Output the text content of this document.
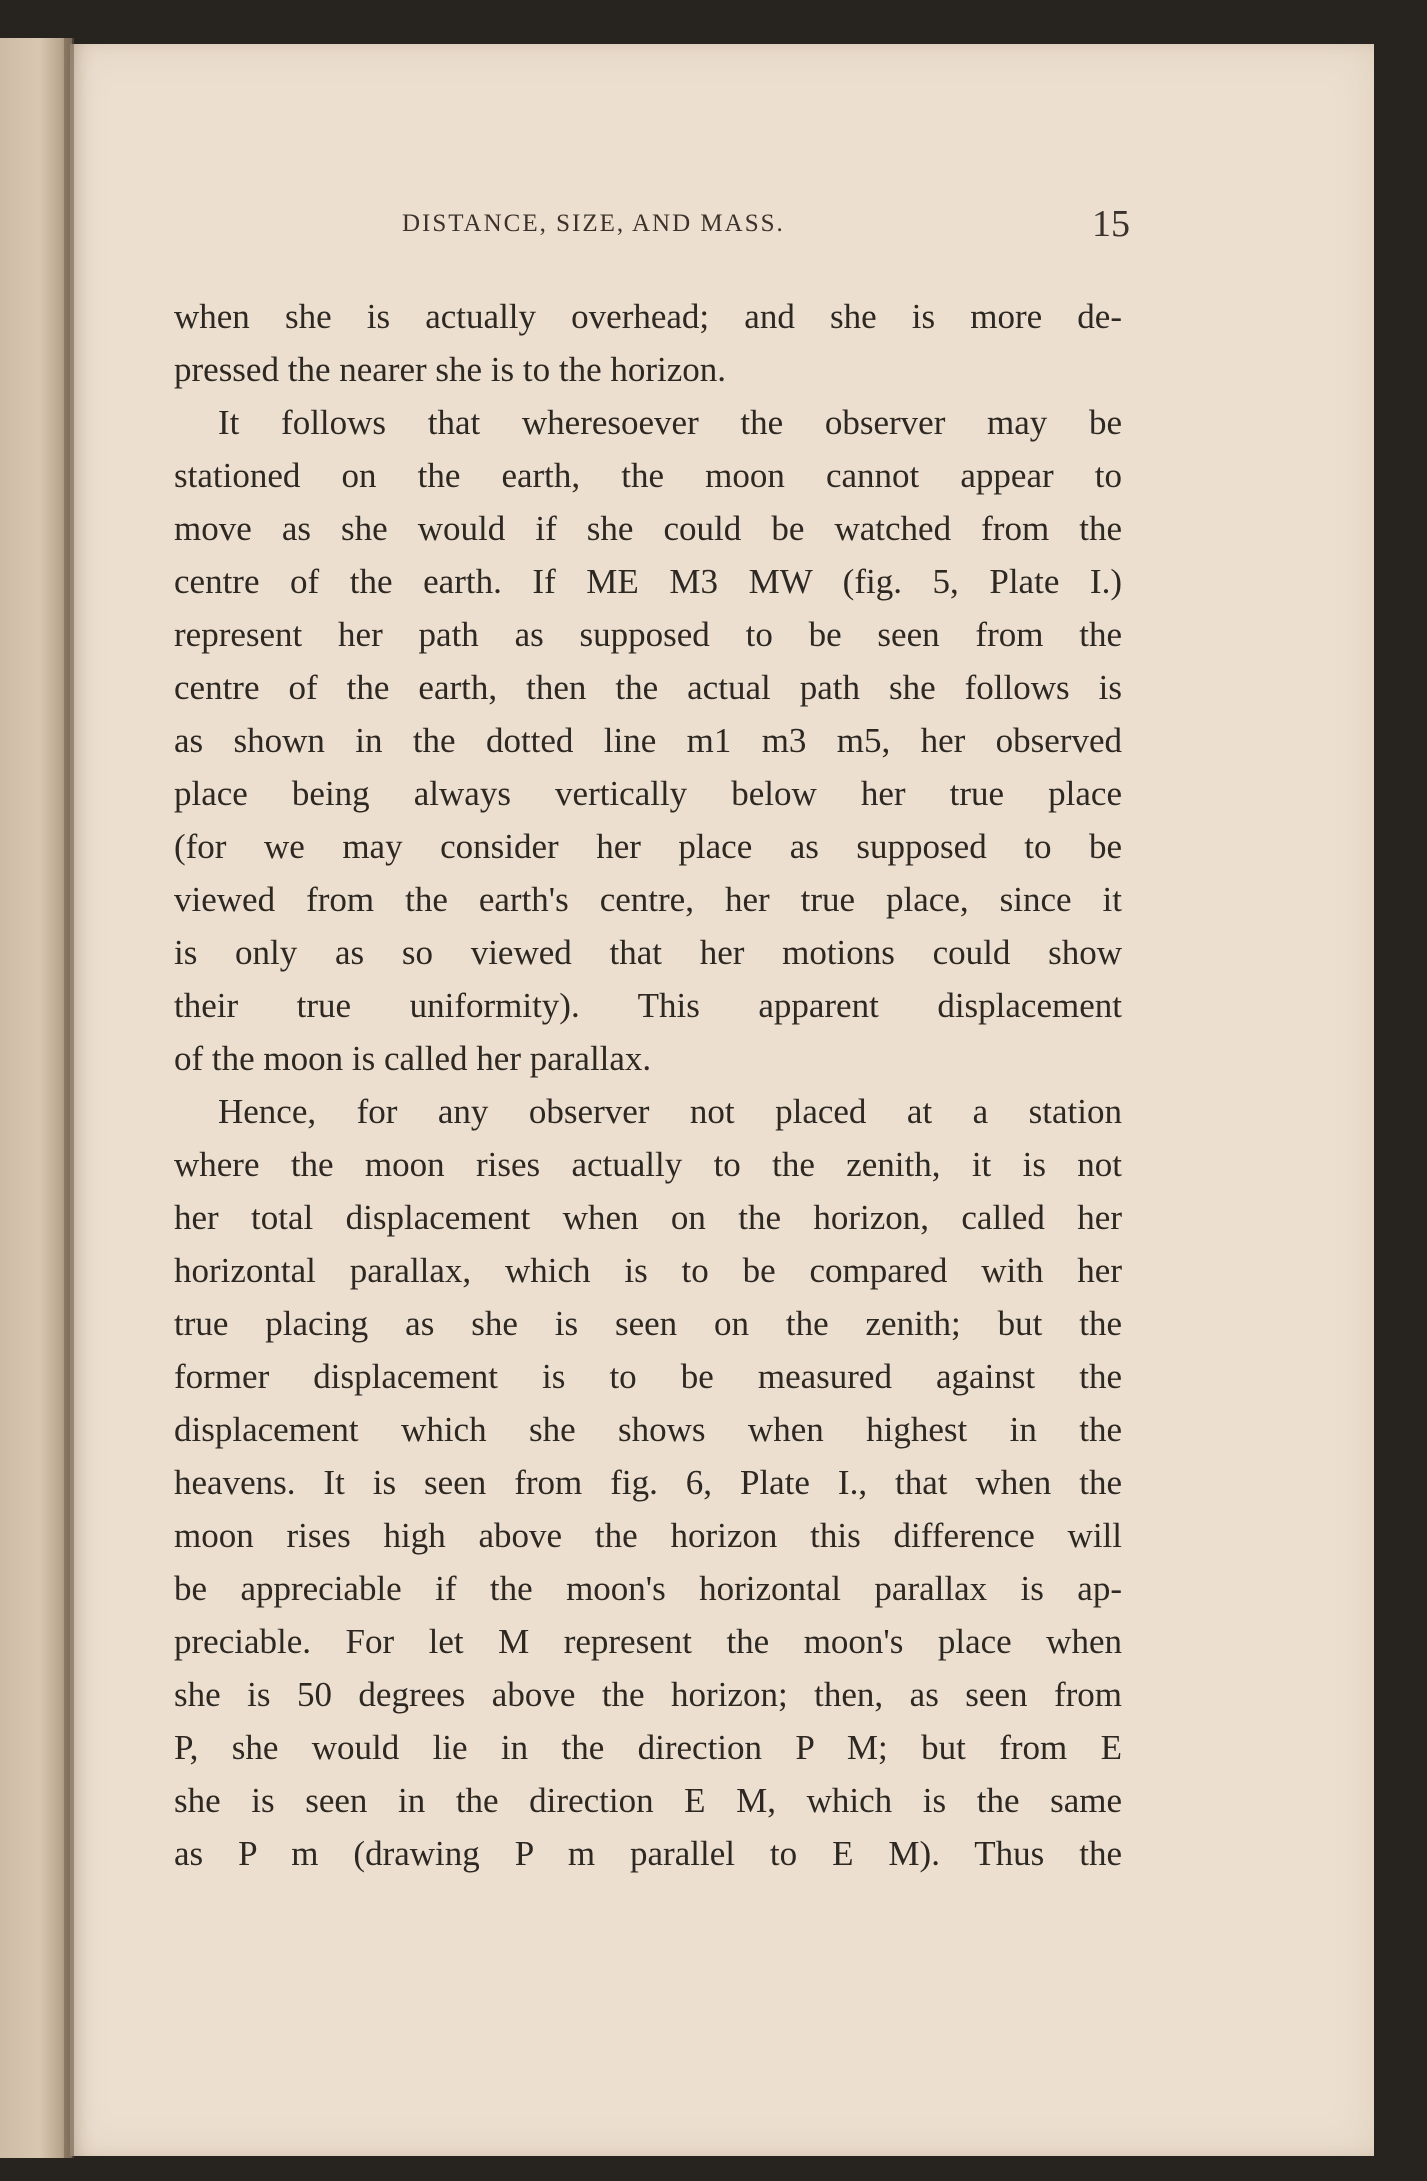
DISTANCE, SIZE, AND MASS.	15
when she is actually overhead; and she is more de-
pressed the nearer she is to the horizon.
It follows that wheresoever the observer may be
stationed on the earth, the moon cannot appear to
move as she would if she could be watched from the
centre of the earth. If ME M3 MW (fig. 5, Plate I.)
represent her path as supposed to be seen from the
centre of the earth, then the actual path she follows is
as shown in the dotted line m1 m3 m5, her observed
place being always vertically below her true place
(for we may consider her place as supposed to be
viewed from the earth's centre, her true place, since it
is only as so viewed that her motions could show
their true uniformity). This apparent displacement
of the moon is called her parallax.
Hence, for any observer not placed at a station
where the moon rises actually to the zenith, it is not
her total displacement when on the horizon, called her
horizontal parallax, which is to be compared with her
true placing as she is seen on the zenith; but the
former displacement is to be measured against the
displacement which she shows when highest in the
heavens. It is seen from fig. 6, Plate I., that when the
moon rises high above the horizon this difference will
be appreciable if the moon's horizontal parallax is ap-
preciable. For let M represent the moon's place when
she is 50 degrees above the horizon; then, as seen from
P, she would lie in the direction P M; but from E
she is seen in the direction E M, which is the same
as P m (drawing P m parallel to E M). Thus the
